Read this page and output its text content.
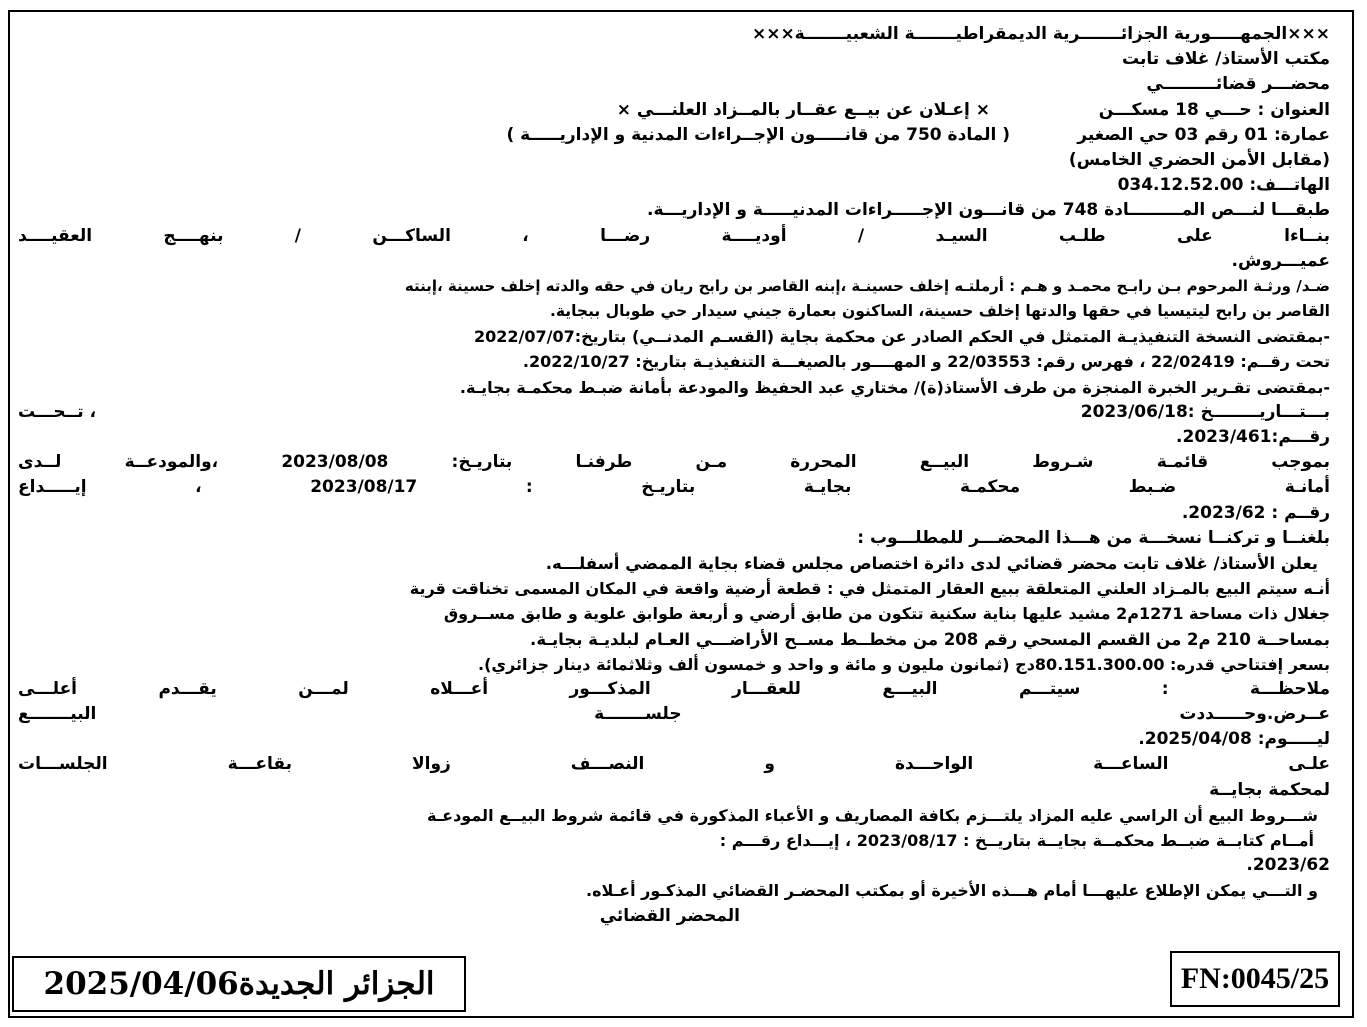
×××الجمهـــــورية الجزائـــــــرية الديمقراطيـــــــة الشعبيـــــــة×××
مكتب الأستاذ/ غلاف تابت
محضـــر قضائـــــــــي
العنوان : حـــي 18 مسكـــن
× إعـلان عن بيــع عقــار بالمــزاد العلنـــي ×
عمارة: 01 رقم 03 حي الصغير
( المادة 750 من قانـــــون الإجــراءات المدنية و الإداريـــــة )
(مقابل الأمن الحضري الخامس)
الهاتـــف: 034.12.52.00
طبقـــا لنـــص المـــــــــادة 748 من قانـــون الإجـــــراءات المدنيـــــة و الإداريـــة.
بنــاءا على طلـب السيـد / أوديــــة رضـــا ، الساكـــن / بنهــــج العقيــــد
عميـــروش.
ضـد/ ورثـة المرحوم بـن رابـح محمـد و هـم : أرملتـه إخلف حسينـة ،إبنه القاصر بن رابح ريان في حقه والدته إخلف حسينة ،إبنته
القاصر بن رابح ليتيسيا في حقها والدتها إخلف حسينة، الساكنون بعمارة جيني سيدار حي طوبال ببجاية.
-بمقتضى النسخة التنفيذيـة المتمثل في الحكم الصادر عن محكمة بجاية (القسـم المدنــي) بتاريخ:2022/07/07
تحت رقــم: 22/02419 ، فهرس رقم: 22/03553 و المهــــور بالصيغـــة التنفيذيـة بتاريخ: 2022/10/27.
-بمقتضى تقـرير الخبرة المنجزة من طرف الأستاذ(ة)/ مختاري عبد الحفيظ والمودعة بأمانة ضبـط محكمـة بجايـة.
بـــتـــاريــــــــخ :2023/06/18
، تــحـــت
رقـــم:2023/461.
بموجب قائمـة شـروط البيــع المحررة مـن طرفنـا بتاريـخ: 2023/08/08 ،والمودعــة لــدى
أمانـة ضـبط محكمـة بجايـة بتاريـخ : 2023/08/17 ، إيـــــداع
رقــم : 2023/62.
بلغنــا و تركنــا نسخـــة من هـــذا المحضـــر للمطلـــوب :
يعلن الأستاذ/ غلاف تابت محضر قضائي لدى دائرة اختصاص مجلس قضاء بجاية الممضي أسفلـــه.
أنـه سيتم البيع بالمـزاد العلني المتعلقة ببيع العقار المتمثل في : قطعة أرضية واقعة في المكان المسمى تخناقت قرية
جغلال ذات مساحة 1271م2 مشيد عليها بناية سكنية تتكون من طابق أرضي و أربعة طوابق علوية و طابق مســروق
بمساحــة 210 م2 من القسم المسحي رقم 208 من مخطــط مســح الأراضـــي العـام لبلديـة بجايـة.
بسعر إفتتاحي قدره: 80.151.300.00دج (ثمانون مليون و مائة و واحد و خمسون ألف وثلاثمائة دينار جزائري).
ملاحظـــة : سيتـــم البيـــع للعقـــار المذكـــور أعـــلاه لمـــن يقـــدم أعلـــى
عــرض.وحـــــددت جلســـــــة البيـــــــع
ليـــــوم: 2025/04/08.
علـى الساعـــة الواحـــدة و النصـــف زوالا بقاعـــة الجلســـات
لمحكمة بجايــة
شـــروط البيع أن الراسي عليه المزاد يلتـــزم بكافة المصاريف و الأعباء المذكورة في قائمة شروط البيــع المودعـة
أمــام كتابــة ضبــط محكمــة بجايــة بتاريــخ : 2023/08/17 ، إيـــداع رقـــم :
2023/62.
و التـــي يمكن الإطلاع عليهـــا أمام هـــذه الأخيرة أو بمكتب المحضـر القضائي المذكـور أعـلاه.
المحضر القضائي
الجزائر الجديدة2025/04/06	FN:0045/25
